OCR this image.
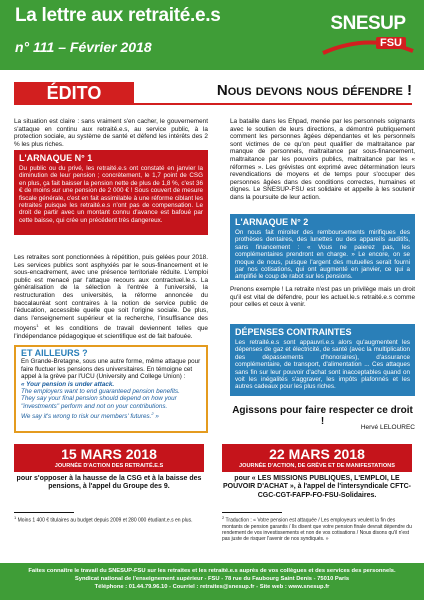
La lettre aux retraité.e.s
n° 111 – Février 2018
SNESUP
FSU
ÉDITO	Nous devons nous défendre !
La situation est claire : sans vraiment s'en cacher, le gouvernement s'attaque en continu aux retraité.e.s, au service public, à la protection sociale, au système de santé et défend les intérêts des 2 % les plus riches.
L'ARNAQUE N° 1
Du public ou du privé, les retraité.e.s ont constaté en janvier la diminution de leur pension ; concrètement, le 1,7 point de CSG en plus, ça fait baisser la pension nette de plus de 1,8 %, c'est 36 € de moins sur une pension de 2 000 € ! Sous couvert de mesure fiscale générale, c'est en fait assimilable à une réforme ciblant les retraites puisque les retraité.e.s n'ont pas de compensation. Le droit de partir avec un montant connu d'avance est bafoué par cette baisse, qui crée un précédent très dangereux.
Les retraites sont ponctionnées à répétition, puis gelées pour 2018. Les services publics sont asphyxiés par le sous-financement et le sous-encadrement, avec une présence territoriale réduite. L'emploi public est menacé par l'attaque recours aux contractuel.le.s. La généralisation de la sélection à l'entrée à l'université, la restructuration des universités, la réforme annoncée du baccalauréat sont contraires à la notion de service public de l'éducation, accessible quelle que soit l'origine sociale. De plus, dans l'enseignement supérieur et la recherche, l'insuffisance des moyens$^1$ et les conditions de travail deviennent telles que l'indépendance pédagogique et scientifique est de fait bafouée.
ET AILLEURS ?
En Grande-Bretagne, sous une autre forme, même attaque pour faire fluctuer les pensions des universitaires. En témoigne cet appel à la grève par l'UCU (University and College Union) :
« Your pension is under attack.
The employers want to end guaranteed pension benefits.
They say your final pension should depend on how your "investments" perform and not on your contributions.
We say it's wrong to risk our members' futures.$^2$ »
La bataille dans les Ehpad, menée par les personnels soignants avec le soutien de leurs directions, a démontré publiquement comment les personnes âgées dépendantes et les personnels sont victimes de ce qu'on peut qualifier de maltraitance par manque de personnels, maltraitance par sous-financement, maltraitance par les pouvoirs publics, maltraitance par les « réformes ». Les grévistes ont exprimé avec détermination leurs revendications de moyens et de temps pour s'occuper des personnes âgées dans des conditions correctes, humaines et dignes. Le SNESUP-FSU est solidaire et appelle à les soutenir dans la poursuite de leur action.
L'ARNAQUE N° 2
On nous fait miroiter des remboursements mirifiques des prothèses dentaires, des lunettes ou des appareils auditifs, sans financement : « Vous ne paierez pas, les complémentaires prendront en charge. » Le encore, on se moque de nous, puisque l'argent des mutuelles serait fourni par nos cotisations, qui ont augmenté en janvier, ce qui a amplifié le coup de rabot sur les pensions.
Prenons exemple ! La retraite n'est pas un privilège mais un droit qu'il est vital de défendre, pour les actuel.le.s retraité.e.s comme pour celles et ceux à venir.
DÉPENSES CONTRAINTES
Les retraité.e.s sont appauvri.e.s alors qu'augmentent les dépenses de gaz et électricité, de santé (avec la multiplication des dépassements d'honoraires), d'assurance complémentaire, de transport, d'alimentation ... Ces attaques sans fin sur leur pouvoir d'achat sont inacceptables quand on voit les inégalités s'aggraver, les impôts plafonnés et les autres cadeaux pour les plus riches.
Agissons pour faire respecter ce droit !
Hervé LELOUREC
15 MARS 2018
JOURNÉE D'ACTION DES RETRAITÉ.E.S
pour s'opposer à la hausse de la CSG et à la baisse des pensions, à l'appel du Groupe des 9.
22 MARS 2018
JOURNÉE D'ACTION, DE GRÈVE ET DE MANIFESTATIONS
pour « LES MISSIONS PUBLIQUES, L'EMPLOI, LE POUVOIR D'ACHAT », à l'appel de l'intersyndicale CFTC-CGC-CGT-FAFP-FO-FSU-Solidaires.
$^1$ Moins 1 400 € titulaires au budget depuis 2009 et 280 000 étudiant.e.s en plus.
$^2$ Traduction : « Votre pension est attaquée / Les employeurs veulent la fin des montants de pension garantis / Ils disent que votre pension finale devrait dépendre du rendement de vos investissements et non de vos cotisations / Nous disons qu'il n'est pas juste de risquer l'avenir de nos syndiqués. »
Faites connaître le travail du SNESUP-FSU sur les retraites et les retraité.e.s auprès de vos collègues et des services des personnels.
Syndicat national de l'enseignement supérieur - FSU - 78 rue du Faubourg Saint Denis - 75010 Paris
Téléphone : 01.44.79.96.10 - Courriel : retraites@snesup.fr - Site web : www.snesup.fr
